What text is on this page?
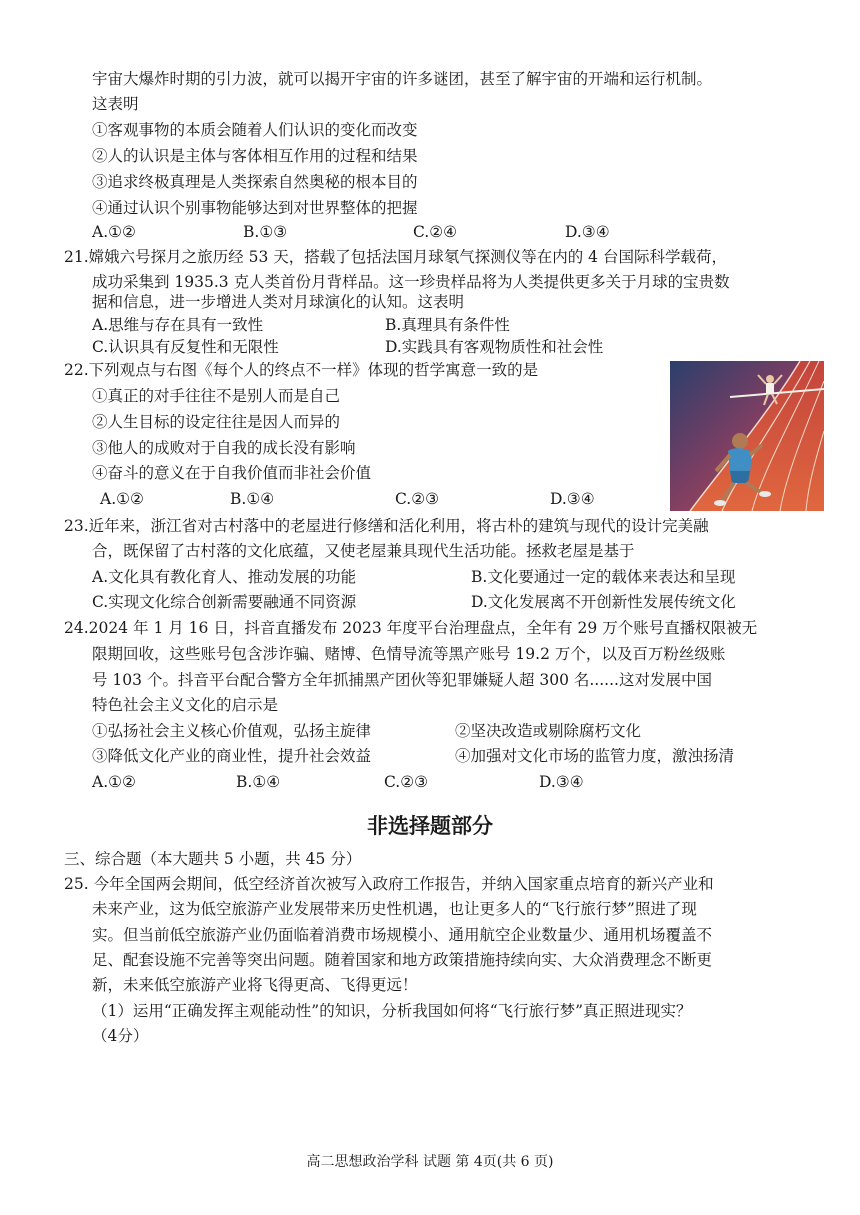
宇宙大爆炸时期的引力波，就可以揭开宇宙的许多谜团，甚至了解宇宙的开端和运行机制。
这表明
①客观事物的本质会随着人们认识的变化而改变
②人的认识是主体与客体相互作用的过程和结果
③追求终极真理是人类探索自然奥秘的根本目的
④通过认识个别事物能够达到对世界整体的把握
A.①②	B.①③	C.②④	D.③④
21.嫦娥六号探月之旅历经 53 天，搭载了包括法国月球氡气探测仪等在内的 4 台国际科学载荷，
成功采集到 1935.3 克人类首份月背样品。这一珍贵样品将为人类提供更多关于月球的宝贵数
据和信息，进一步增进人类对月球演化的认知。这表明
A.思维与存在具有一致性	B.真理具有条件性
C.认识具有反复性和无限性	D.实践具有客观物质性和社会性
22.下列观点与右图《每个人的终点不一样》体现的哲学寓意一致的是
①真正的对手往往不是别人而是自己
②人生目标的设定往往是因人而异的
③他人的成败对于自我的成长没有影响
④奋斗的意义在于自我价值而非社会价值
A.①②	B.①④	C.②③	D.③④
23.近年来，浙江省对古村落中的老屋进行修缮和活化利用，将古朴的建筑与现代的设计完美融
合，既保留了古村落的文化底蕴，又使老屋兼具现代生活功能。拯救老屋是基于
A.文化具有教化育人、推动发展的功能	B.文化要通过一定的载体来表达和呈现
C.实现文化综合创新需要融通不同资源	D.文化发展离不开创新性发展传统文化
24.2024 年 1 月 16 日，抖音直播发布 2023 年度平台治理盘点，全年有 29 万个账号直播权限被无
限期回收，这些账号包含涉诈骗、赌博、色情导流等黑产账号 19.2 万个，以及百万粉丝级账
号 103 个。抖音平台配合警方全年抓捕黑产团伙等犯罪嫌疑人超 300 名......这对发展中国
特色社会主义文化的启示是
①弘扬社会主义核心价值观，弘扬主旋律	②坚决改造或剔除腐朽文化
③降低文化产业的商业性，提升社会效益	④加强对文化市场的监管力度，激浊扬清
A.①②	B.①④	C.②③	D.③④
非选择题部分
三、综合题（本大题共 5 小题，共 45 分）
25. 今年全国两会期间，低空经济首次被写入政府工作报告，并纳入国家重点培育的新兴产业和
未来产业，这为低空旅游产业发展带来历史性机遇，也让更多人的“飞行旅行梦”照进了现
实。但当前低空旅游产业仍面临着消费市场规模小、通用航空企业数量少、通用机场覆盖不
足、配套设施不完善等突出问题。随着国家和地方政策措施持续向实、大众消费理念不断更
新，未来低空旅游产业将飞得更高、飞得更远！
（1）运用“正确发挥主观能动性”的知识，分析我国如何将“飞行旅行梦”真正照进现实？
（4分）
高二思想政治学科 试题 第 4页(共 6 页)
